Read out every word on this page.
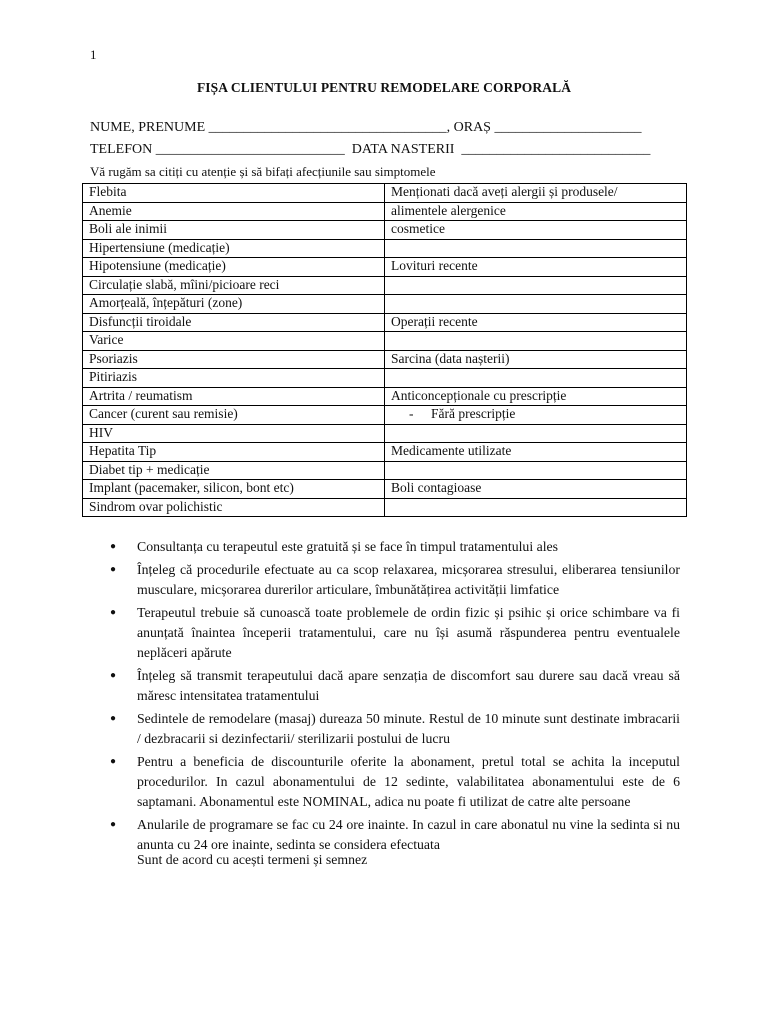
1
FIȘA CLIENTULUI PENTRU REMODELARE CORPORALĂ
NUME, PRENUME __________________________________, ORAȘ _____________________
TELEFON ___________________________  DATA NASTERII  ___________________________
Vă rugăm sa citiți cu atenție și să bifați afecțiunile sau simptomele
Flebita	Menționati dacă aveți alergii și produsele/
Anemie	alimentele alergenice
Boli ale inimii	cosmetice
Hipertensiune (medicație)	
Hipotensiune (medicație)	Lovituri recente
Circulație slabă, mîini/picioare reci	
Amorțeală, înțepături (zone)	
Disfuncții tiroidale	Operații recente
Varice	
Psoriazis	Sarcina (data nașterii)
Pitiriazis	
Artrita / reumatism	Anticoncepționale cu prescripție
Cancer (curent sau remisie)	- Fără prescripție
HIV	
Hepatita Tip	Medicamente utilizate
Diabet tip + medicație	
Implant (pacemaker, silicon, bont etc)	Boli contagioase
Sindrom ovar polichistic	
● Consultanța cu terapeutul este gratuită și se face în timpul tratamentului ales
● Înțeleg că procedurile efectuate au ca scop relaxarea, micșorarea stresului, eliberarea tensiunilor musculare, micșorarea durerilor articulare, îmbunătățirea activității limfatice
● Terapeutul trebuie să cunoască toate problemele de ordin fizic și psihic și orice schimbare va fi anunțată înaintea începerii tratamentului, care nu își asumă răspunderea pentru eventualele neplăceri apărute
● Înțeleg să transmit terapeutului dacă apare senzația de discomfort sau durere sau dacă vreau să măresc intensitatea tratamentului
● Sedintele de remodelare (masaj) dureaza 50 minute. Restul de 10 minute sunt destinate imbracarii / dezbracarii si dezinfectarii/ sterilizarii postului de lucru
● Pentru a beneficia de discounturile oferite la abonament, pretul total se achita la inceputul procedurilor. In cazul abonamentului de 12 sedinte, valabilitatea abonamentului este de 6 saptamani. Abonamentul este NOMINAL, adica nu poate fi utilizat de catre alte persoane
● Anularile de programare se fac cu 24 ore inainte. In cazul in care abonatul nu vine la sedinta si nu anunta cu 24 ore inainte, sedinta se considera efectuata
Sunt de acord cu acești termeni și semnez
